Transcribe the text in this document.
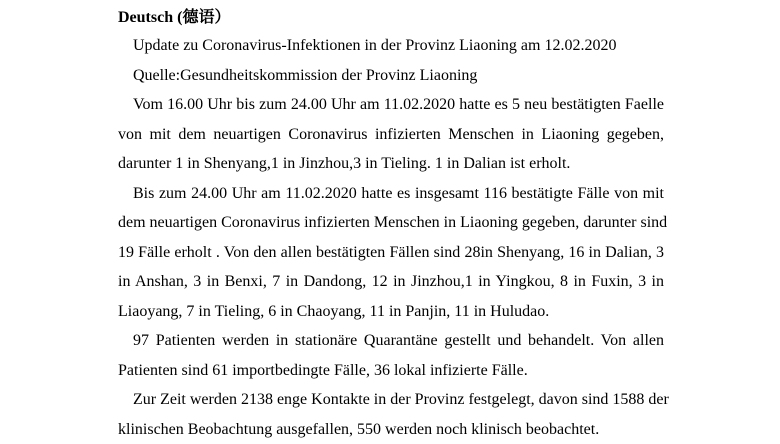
Deutsch (德语）

Update zu Coronavirus-Infektionen in der Provinz Liaoning am 12.02.2020

Quelle:Gesundheitskommission der Provinz Liaoning

Vom 16.00 Uhr bis zum 24.00 Uhr am 11.02.2020 hatte es 5 neu bestätigten Faelle
von mit dem neuartigen Coronavirus infizierten Menschen in Liaoning gegeben,
darunter 1 in Shenyang,1 in Jinzhou,3 in Tieling. 1 in Dalian ist erholt.

Bis zum 24.00 Uhr am 11.02.2020 hatte es insgesamt 116 bestätigte Fälle von mit
dem neuartigen Coronavirus infizierten Menschen in Liaoning gegeben, darunter sind
19 Fälle erholt . Von den allen bestätigten Fällen sind 28in Shenyang, 16 in Dalian, 3
in Anshan, 3 in Benxi, 7 in Dandong, 12 in Jinzhou,1 in Yingkou, 8 in Fuxin, 3 in
Liaoyang, 7 in Tieling, 6 in Chaoyang, 11 in Panjin, 11 in Huludao.

97 Patienten werden in stationäre Quarantäne gestellt und behandelt. Von allen
Patienten sind 61 importbedingte Fälle, 36 lokal infizierte Fälle.

Zur Zeit werden 2138 enge Kontakte in der Provinz festgelegt, davon sind 1588 der
klinischen Beobachtung ausgefallen, 550 werden noch klinisch beobachtet.
